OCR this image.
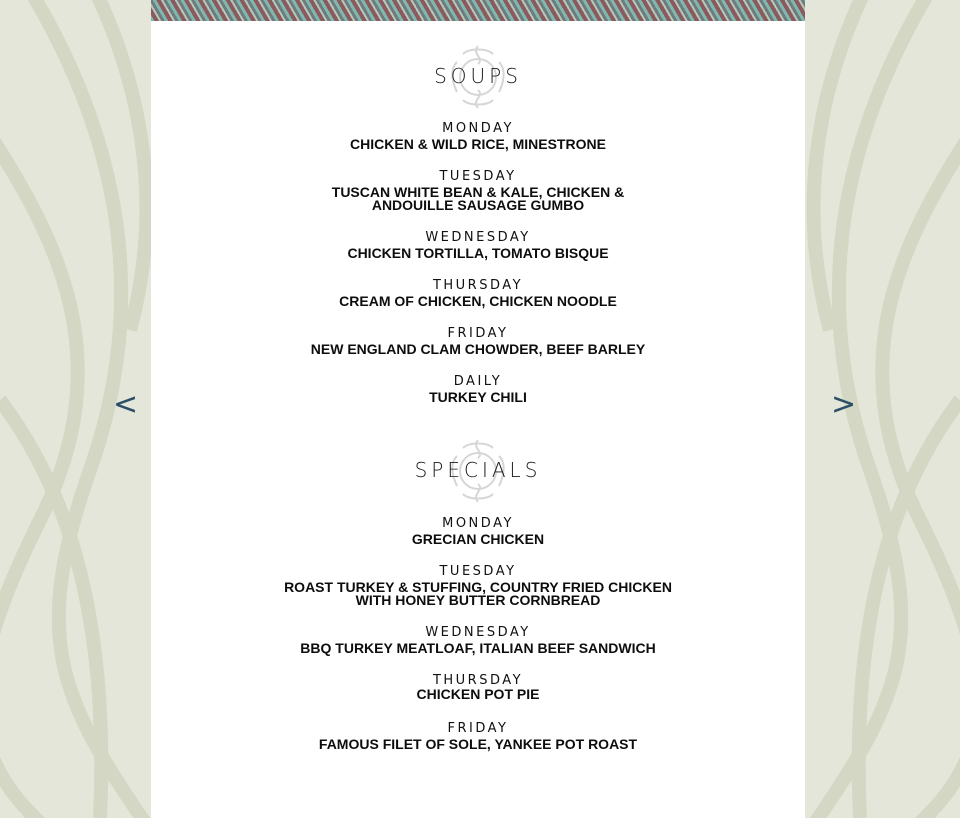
<	>
SOUPS
MONDAY
CHICKEN & WILD RICE, MINESTRONE
TUESDAY
TUSCAN WHITE BEAN & KALE, CHICKEN &
ANDOUILLE SAUSAGE GUMBO
WEDNESDAY
CHICKEN TORTILLA, TOMATO BISQUE
THURSDAY
CREAM OF CHICKEN, CHICKEN NOODLE
FRIDAY
NEW ENGLAND CLAM CHOWDER, BEEF BARLEY
DAILY
TURKEY CHILI
SPECIALS
MONDAY
GRECIAN CHICKEN
TUESDAY
ROAST TURKEY & STUFFING, COUNTRY FRIED CHICKEN
WITH HONEY BUTTER CORNBREAD
WEDNESDAY
BBQ TURKEY MEATLOAF, ITALIAN BEEF SANDWICH
THURSDAY
CHICKEN POT PIE
FRIDAY
FAMOUS FILET OF SOLE, YANKEE POT ROAST
